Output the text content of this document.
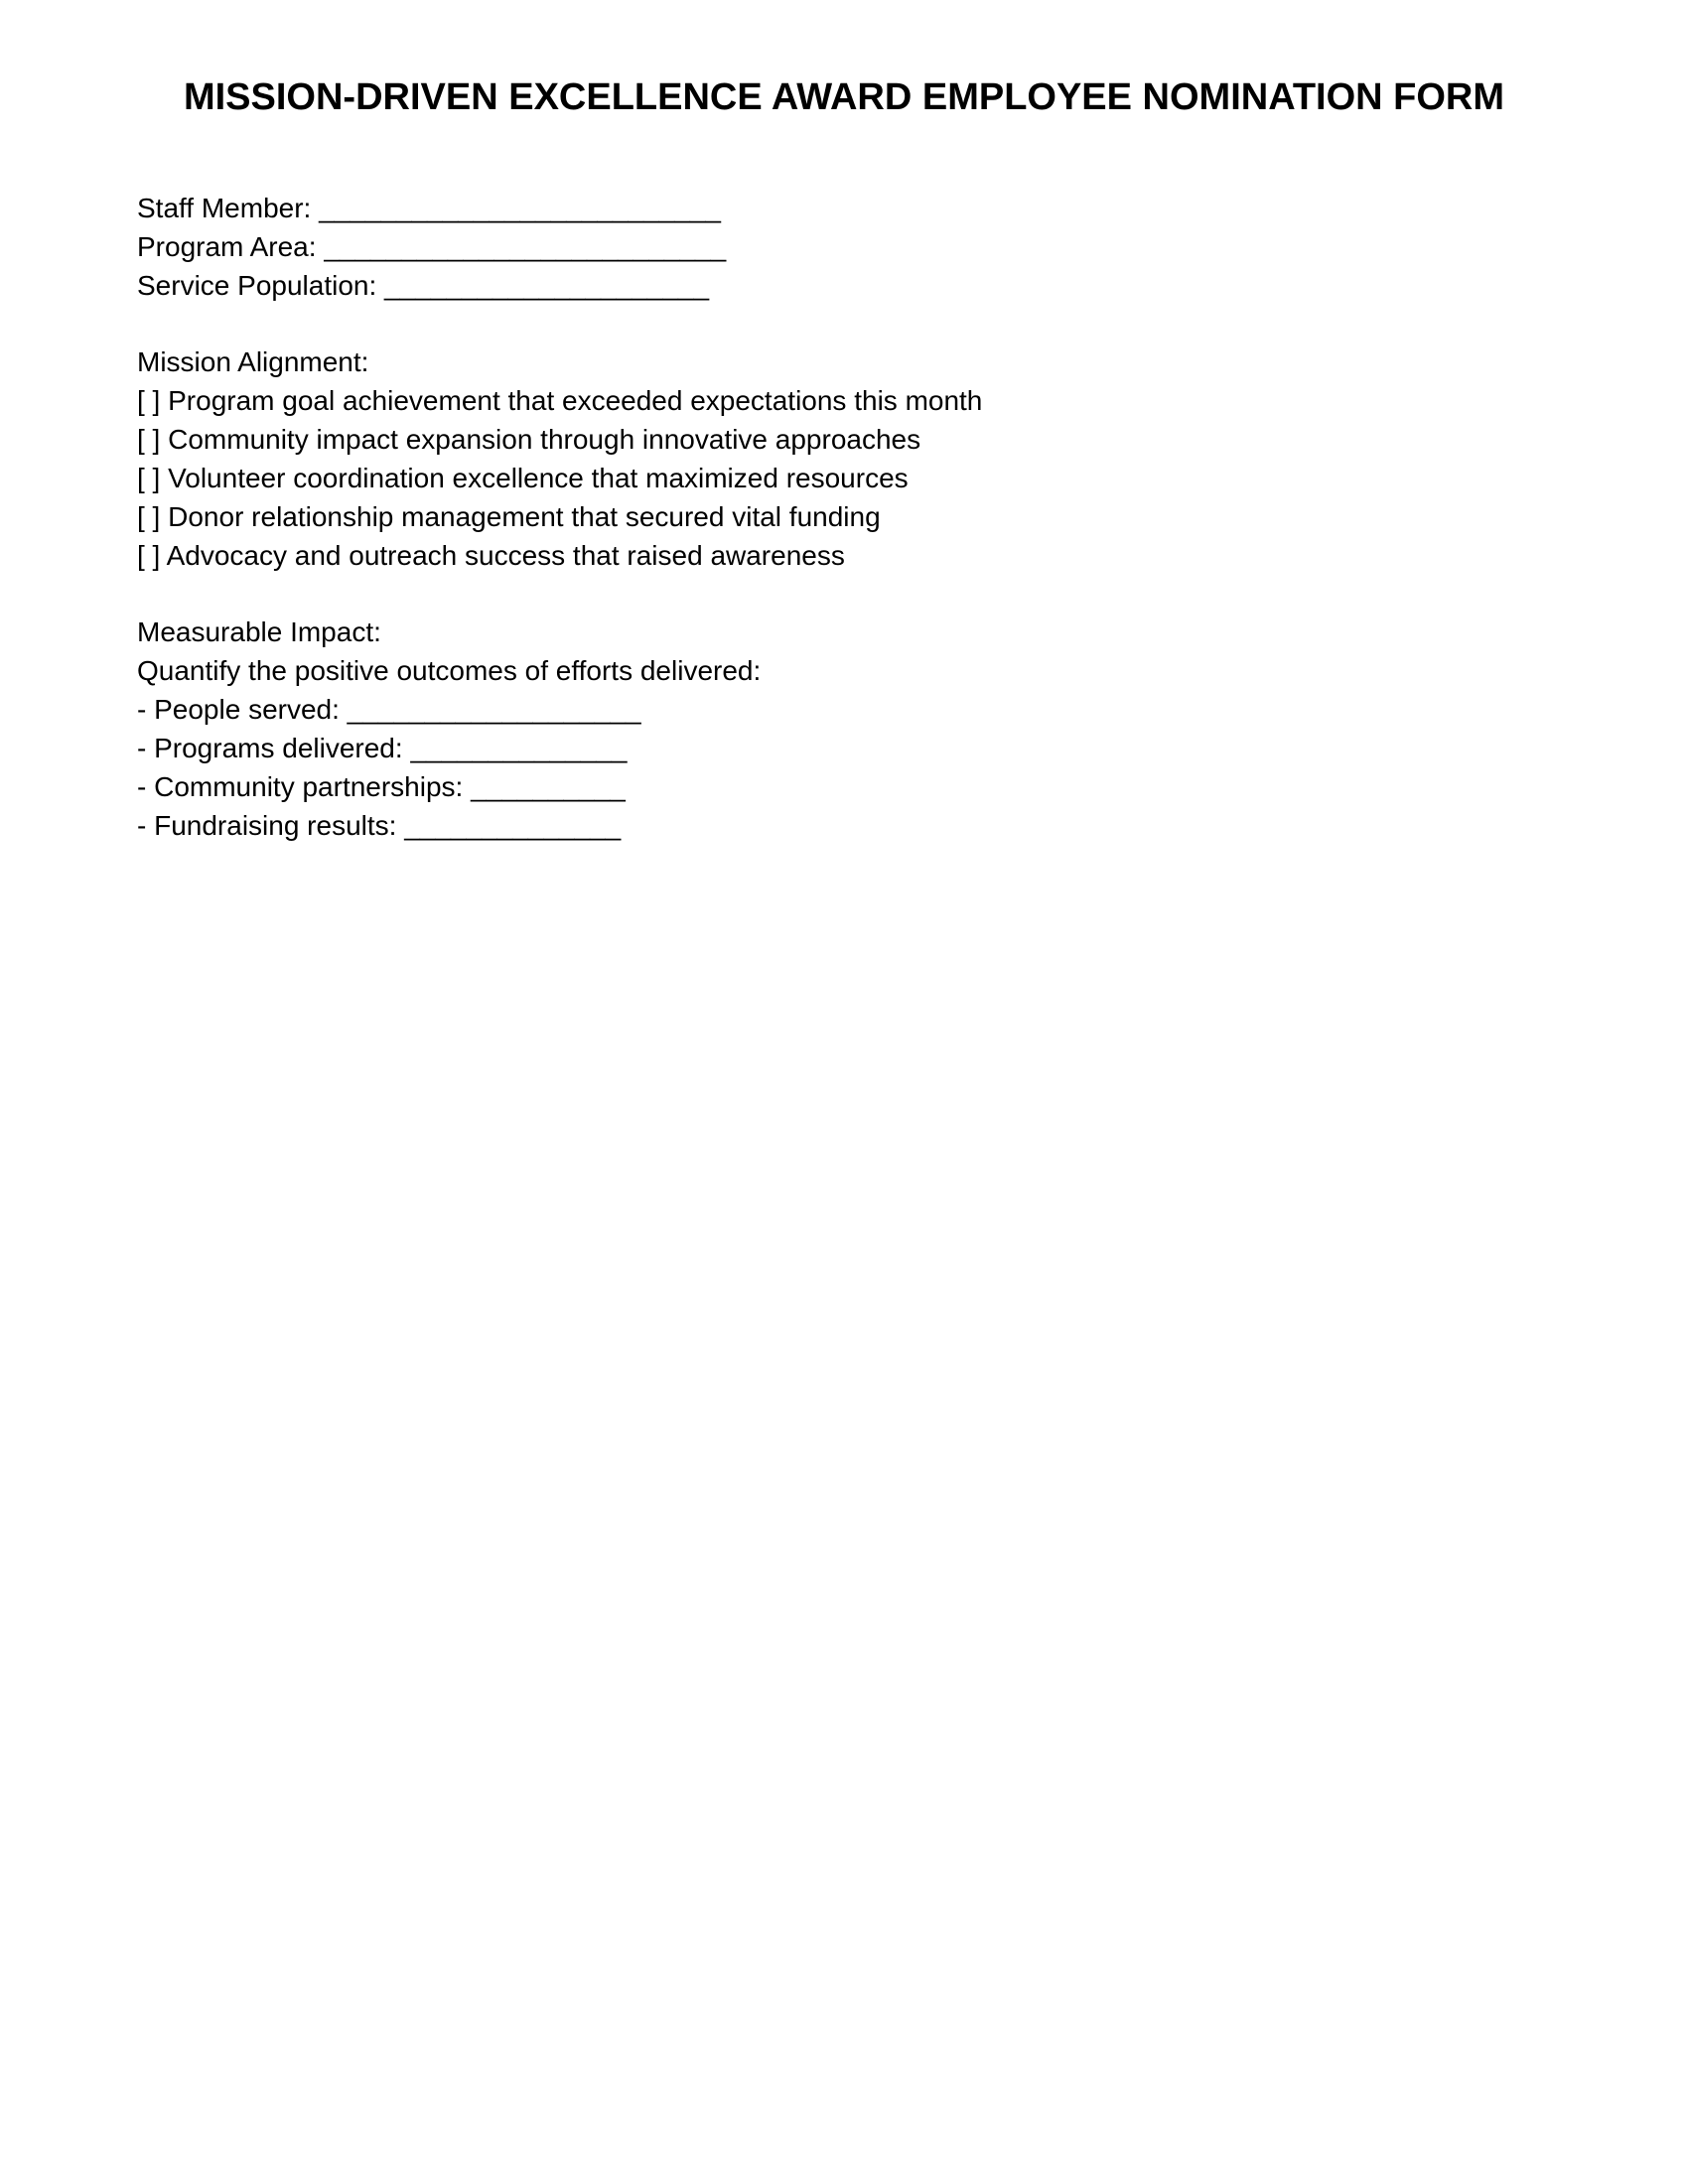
MISSION-DRIVEN EXCELLENCE AWARD EMPLOYEE NOMINATION FORM
Staff Member: __________________________
Program Area: __________________________
Service Population: _____________________
Mission Alignment:
[ ] Program goal achievement that exceeded expectations this month
[ ] Community impact expansion through innovative approaches
[ ] Volunteer coordination excellence that maximized resources
[ ] Donor relationship management that secured vital funding
[ ] Advocacy and outreach success that raised awareness
Measurable Impact:
Quantify the positive outcomes of efforts delivered:
- People served: ___________________
- Programs delivered: ______________
- Community partnerships: __________
- Fundraising results: ______________
